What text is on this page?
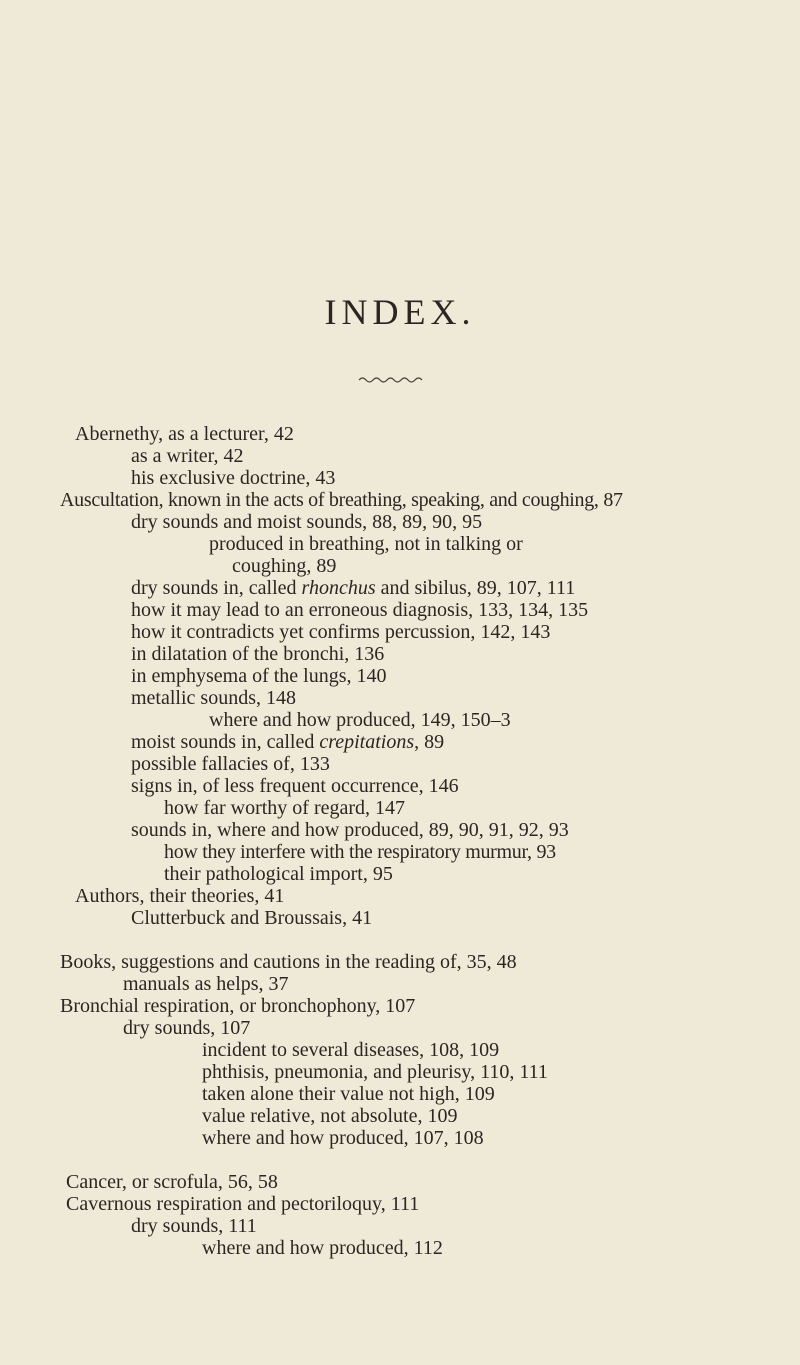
INDEX.
Abernethy, as a lecturer, 42
as a writer, 42
his exclusive doctrine, 43
Auscultation, known in the acts of breathing, speaking, and coughing, 87
dry sounds and moist sounds, 88, 89, 90, 95
produced in breathing, not in talking or
coughing, 89
dry sounds in, called rhonchus and sibilus, 89, 107, 111
how it may lead to an erroneous diagnosis, 133, 134, 135
how it contradicts yet confirms percussion, 142, 143
in dilatation of the bronchi, 136
in emphysema of the lungs, 140
metallic sounds, 148
where and how produced, 149, 150–3
moist sounds in, called crepitations, 89
possible fallacies of, 133
signs in, of less frequent occurrence, 146
how far worthy of regard, 147
sounds in, where and how produced, 89, 90, 91, 92, 93
how they interfere with the respiratory murmur, 93
their pathological import, 95
Authors, their theories, 41
Clutterbuck and Broussais, 41
Books, suggestions and cautions in the reading of, 35, 48
manuals as helps, 37
Bronchial respiration, or bronchophony, 107
dry sounds, 107
incident to several diseases, 108, 109
phthisis, pneumonia, and pleurisy, 110, 111
taken alone their value not high, 109
value relative, not absolute, 109
where and how produced, 107, 108
Cancer, or scrofula, 56, 58
Cavernous respiration and pectoriloquy, 111
dry sounds, 111
where and how produced, 112
